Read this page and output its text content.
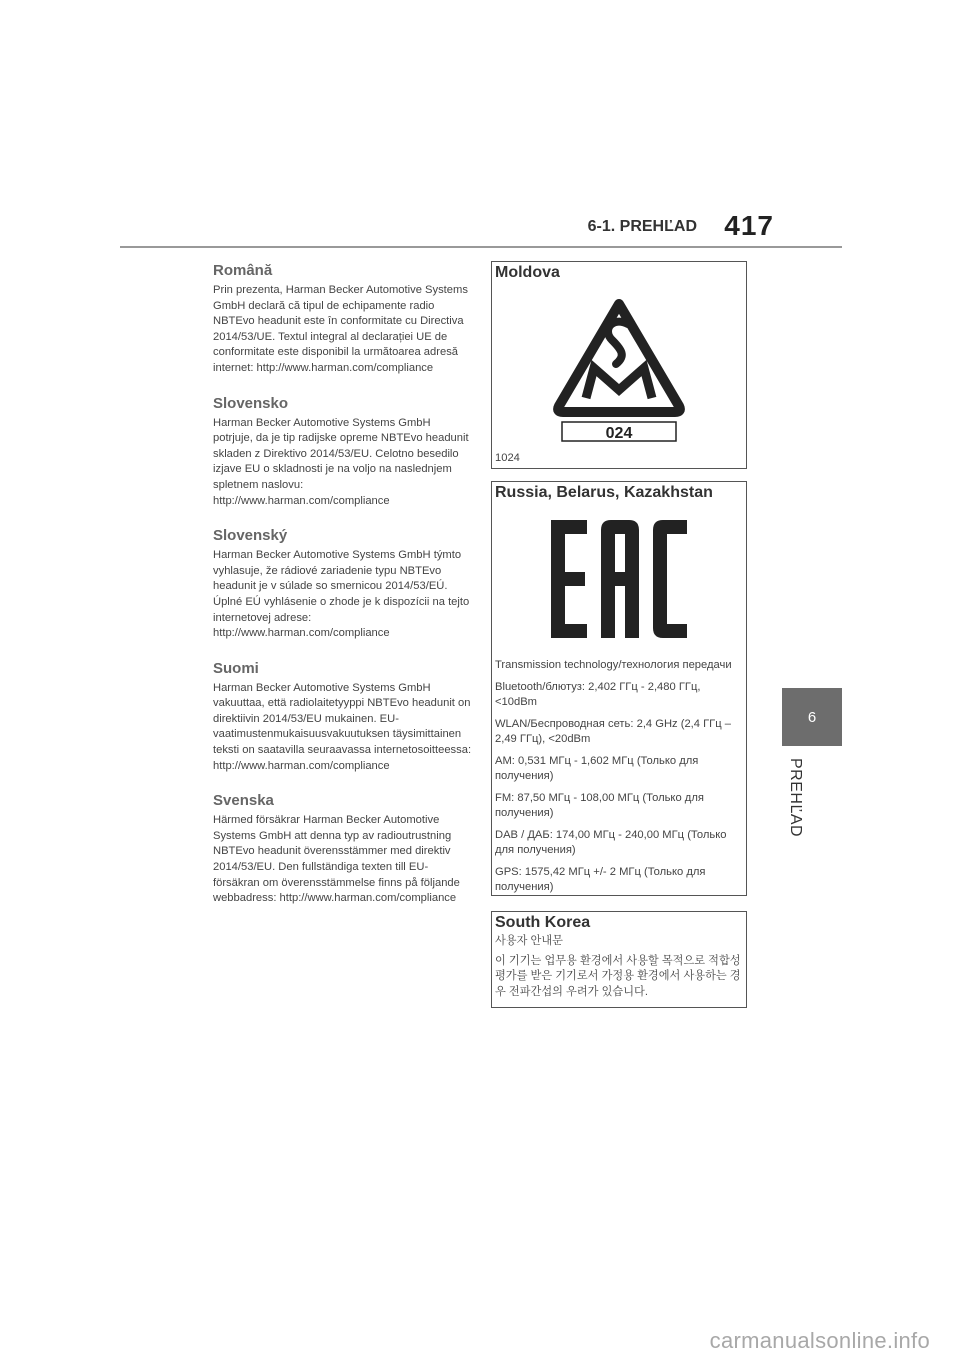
6-1. PREHĽAD 417
Română

Prin prezenta, Harman Becker Automotive Systems GmbH declară că tipul de echipamente radio NBTEvo headunit este în conformitate cu Directiva 2014/53/UE. Textul integral al declarației UE de conformitate este disponibil la următoarea adresă internet: http://www.harman.com/compliance

Slovensko

Harman Becker Automotive Systems GmbH potrjuje, da je tip radijske opreme NBTEvo headunit skladen z Direktivo 2014/53/EU. Celotno besedilo izjave EU o skladnosti je na voljo na naslednjem spletnem naslovu: http://www.harman.com/compliance

Slovenský

Harman Becker Automotive Systems GmbH týmto vyhlasuje, že rádiové zariadenie typu NBTEvo headunit je v súlade so smernicou 2014/53/EÚ. Úplné EÚ vyhlásenie o zhode je k dispozícii na tejto internetovej adrese: http://www.harman.com/compliance

Suomi

Harman Becker Automotive Systems GmbH vakuuttaa, että radiolaitetyyppi NBTEvo headunit on direktiivin 2014/53/EU mukainen. EU-vaatimustenmukaisuusvakuutuksen täysimittainen teksti on saatavilla seuraavassa internetosoitteessa: http://www.harman.com/compliance

Svenska

Härmed försäkrar Harman Becker Automotive Systems GmbH att denna typ av radioutrustning NBTEvo headunit överensstämmer med direktiv 2014/53/EU. Den fullständiga texten till EU-försäkran om överensstämmelse finns på följande webbadress: http://www.harman.com/compliance

Moldova
024
1024
Russia, Belarus, Kazakhstan

Transmission technology/технология передачи

Bluetooth/блютуз: 2,402 ГГц - 2,480 ГГц, <10dBm

WLAN/Беспроводная сеть: 2,4 GHz (2,4 ГГц – 2,49 ГГц), <20dBm

AM: 0,531 МГц - 1,602 МГц (Только для получения)

FM: 87,50 МГц - 108,00 МГц (Только для получения)

DAB / ДАБ: 174,00 МГц - 240,00 МГц (Только для получения)

GPS: 1575,42 МГц +/- 2 МГц (Только для получения)

South Korea

사용자 안내문

이 기기는 업무용 환경에서 사용할 목적으로 적합성평가를 받은 기기로서 가정용 환경에서 사용하는 경우 전파간섭의 우려가 있습니다.

6
PREHĽAD
carmanualsonline.info
